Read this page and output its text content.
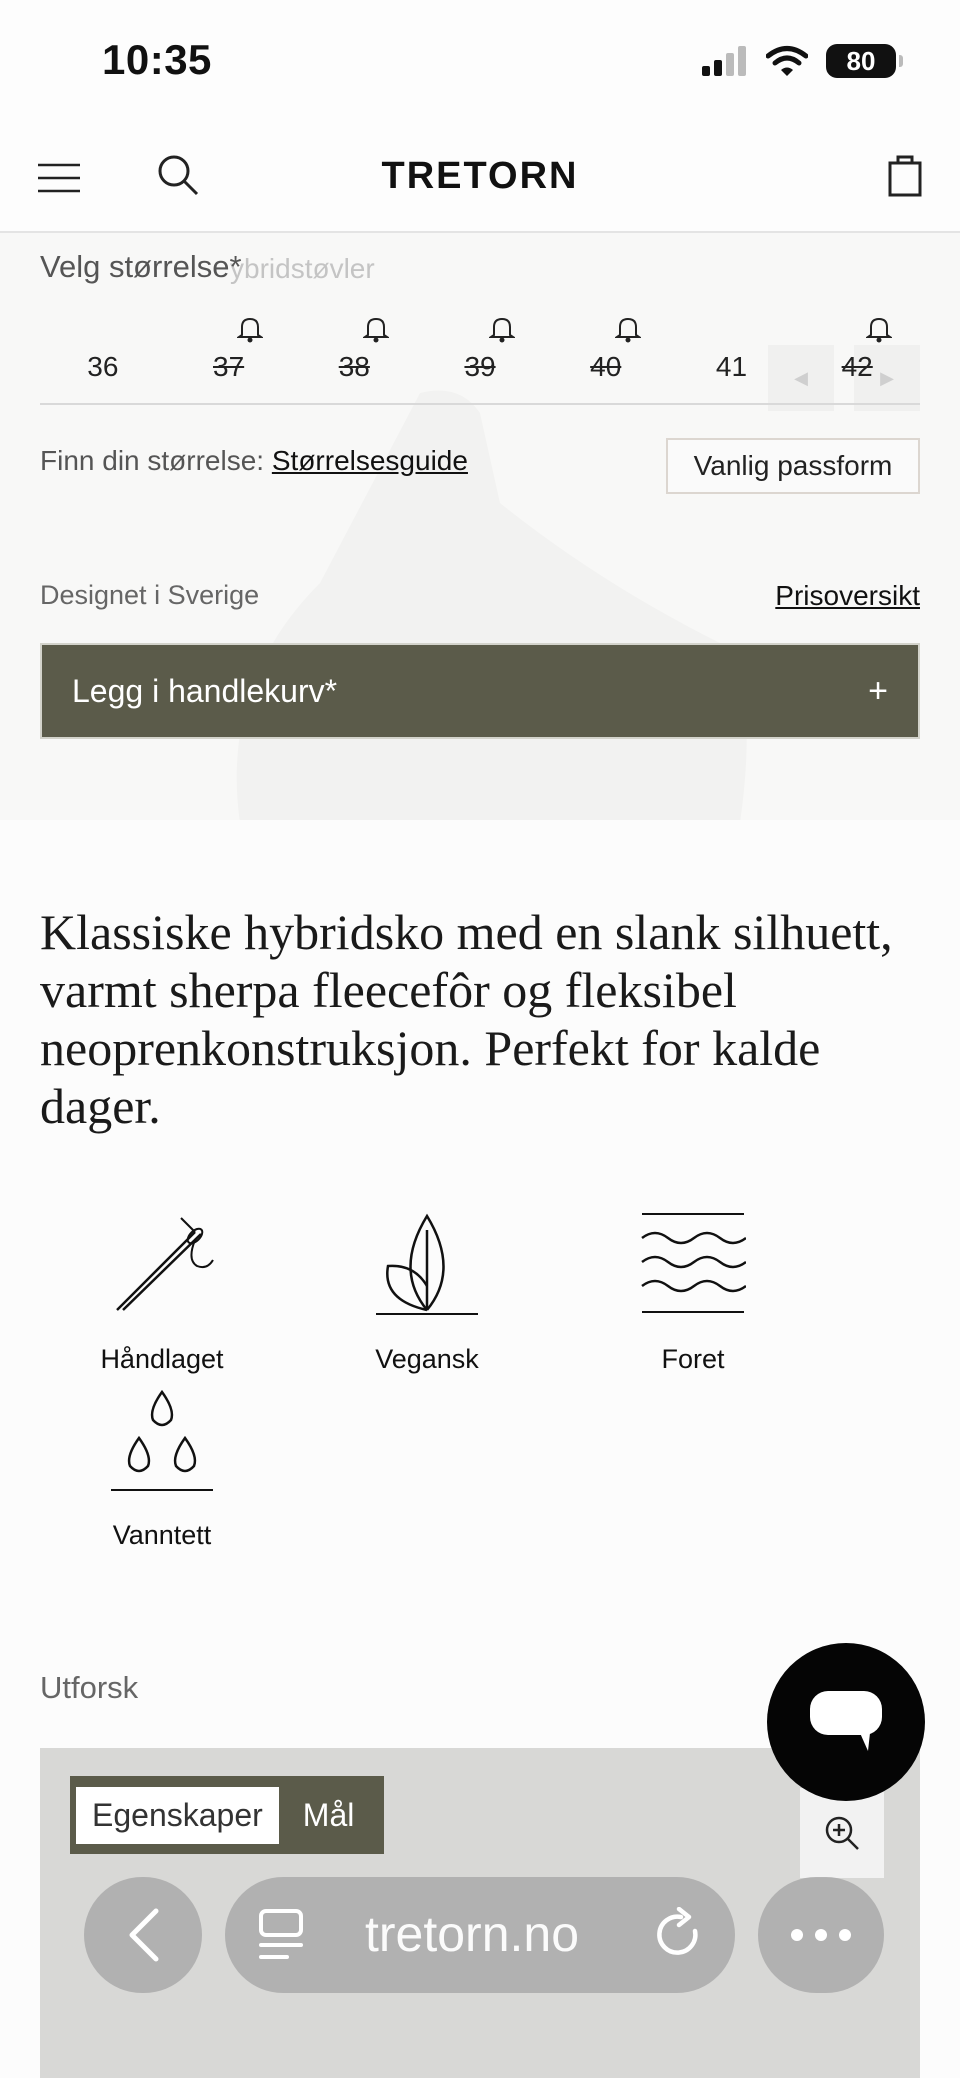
10:35	80
TRETORN
ybridstøvler
◀	▶
Velg størrelse*
36	37	38	39	40	41	42
Finn din størrelse: Størrelsesguide	Vanlig passform
Designet i Sverige	Prisoversikt
Legg i handlekurv*	+
Klassiske hybridsko med en slank silhuett, varmt sherpa fleecefôr og fleksibel neoprenkonstruksjon. Perfekt for kalde dager.
Håndlaget	Vegansk	Foret
Vanntett
Utforsk
Egenskaper	Mål
tretorn.no
